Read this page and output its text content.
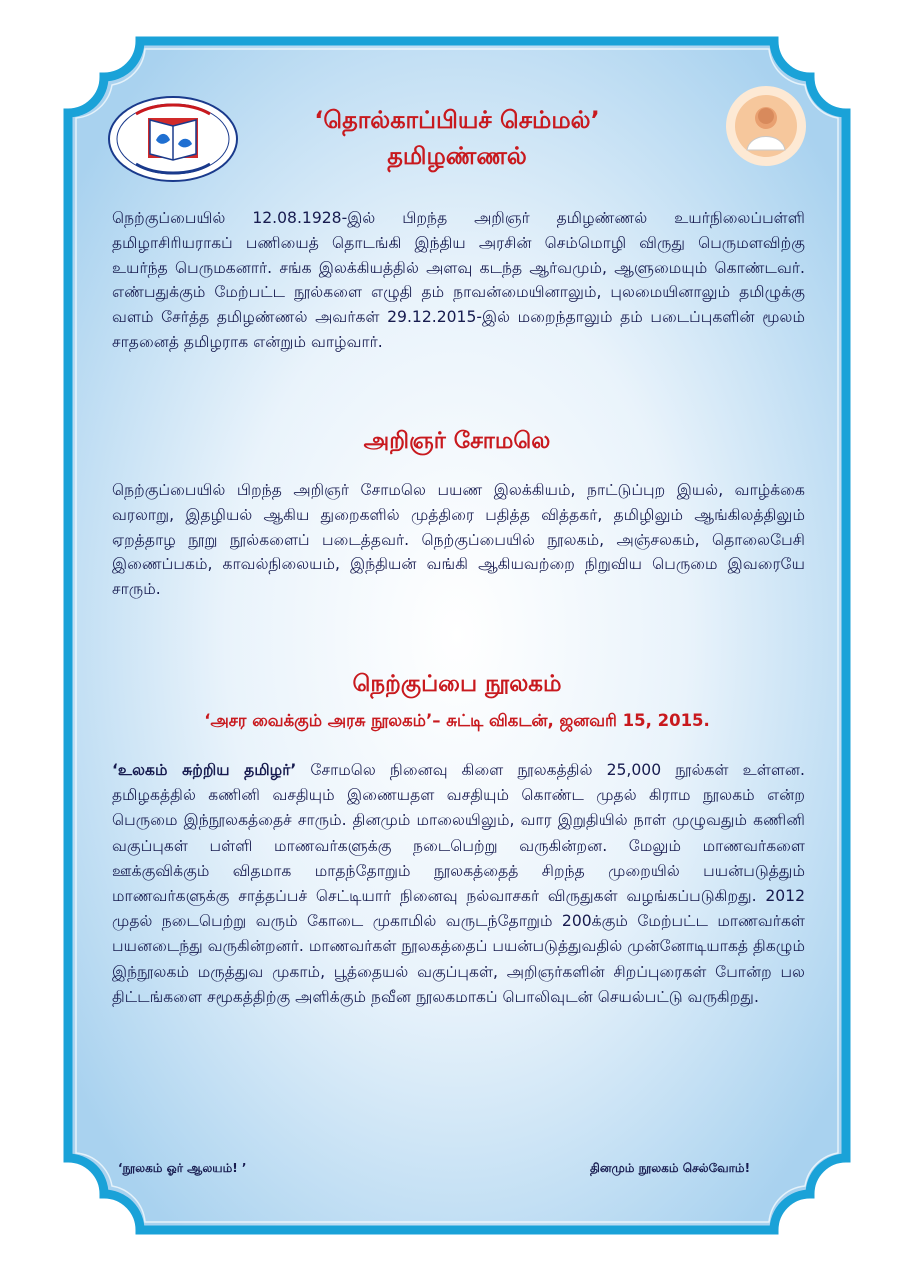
‘தொல்காப்பியச் செம்மல்’

தமிழண்ணல்

நெற்குப்பையில் 12.08.1928-இல் பிறந்த அறிஞர் தமிழண்ணல் உயர்நிலைப்பள்ளி தமிழாசிரியராகப் பணியைத் தொடங்கி இந்திய அரசின் செம்மொழி விருது பெருமளவிற்கு உயர்ந்த பெருமகனார். சங்க இலக்கியத்தில் அளவு கடந்த ஆர்வமும், ஆளுமையும் கொண்டவர். எண்பதுக்கும் மேற்பட்ட நூல்களை எழுதி தம் நாவன்மையினாலும், புலமையினாலும் தமிழுக்கு வளம் சேர்த்த தமிழண்ணல் அவர்கள் 29.12.2015-இல் மறைந்தாலும் தம் படைப்புகளின் மூலம் சாதனைத் தமிழராக என்றும் வாழ்வார்.

அறிஞர் சோமலெ

நெற்குப்பையில் பிறந்த அறிஞர் சோமலெ பயண இலக்கியம், நாட்டுப்புற இயல், வாழ்க்கை வரலாறு, இதழியல் ஆகிய துறைகளில் முத்திரை பதித்த வித்தகர், தமிழிலும் ஆங்கிலத்திலும் ஏறத்தாழ நூறு நூல்களைப் படைத்தவர். நெற்குப்பையில் நூலகம், அஞ்சலகம், தொலைபேசி இணைப்பகம், காவல்நிலையம், இந்தியன் வங்கி ஆகியவற்றை நிறுவிய பெருமை இவரையே சாரும்.

நெற்குப்பை நூலகம்

‘அசர வைக்கும் அரசு நூலகம்’– சுட்டி விகடன், ஜனவரி 15, 2015.

‘உலகம் சுற்றிய தமிழர்’ சோமலெ நினைவு கிளை நூலகத்தில் 25,000 நூல்கள் உள்ளன. தமிழகத்தில் கணினி வசதியும் இணையதள வசதியும் கொண்ட முதல் கிராம நூலகம் என்ற பெருமை இந்நூலகத்தைச் சாரும். தினமும் மாலையிலும், வார இறுதியில் நாள் முழுவதும் கணினி வகுப்புகள் பள்ளி மாணவர்களுக்கு நடைபெற்று வருகின்றன. மேலும் மாணவர்களை ஊக்குவிக்கும் விதமாக மாதந்தோறும் நூலகத்தைத் சிறந்த முறையில் பயன்படுத்தும் மாணவர்களுக்கு சாத்தப்பச் செட்டியார் நினைவு நல்வாசகர் விருதுகள் வழங்கப்படுகிறது. 2012 முதல் நடைபெற்று வரும் கோடை முகாமில் வருடந்தோறும் 200க்கும் மேற்பட்ட மாணவர்கள் பயனடைந்து வருகின்றனர். மாணவர்கள் நூலகத்தைப் பயன்படுத்துவதில் முன்னோடியாகத் திகழும் இந்நூலகம் மருத்துவ முகாம், பூத்தையல் வகுப்புகள், அறிஞர்களின் சிறப்புரைகள் போன்ற பல திட்டங்களை சமூகத்திற்கு அளிக்கும் நவீன நூலகமாகப் பொலிவுடன் செயல்பட்டு வருகிறது.

‘நூலகம் ஓர் ஆலயம்! ’	தினமும் நூலகம் செல்வோம்!
